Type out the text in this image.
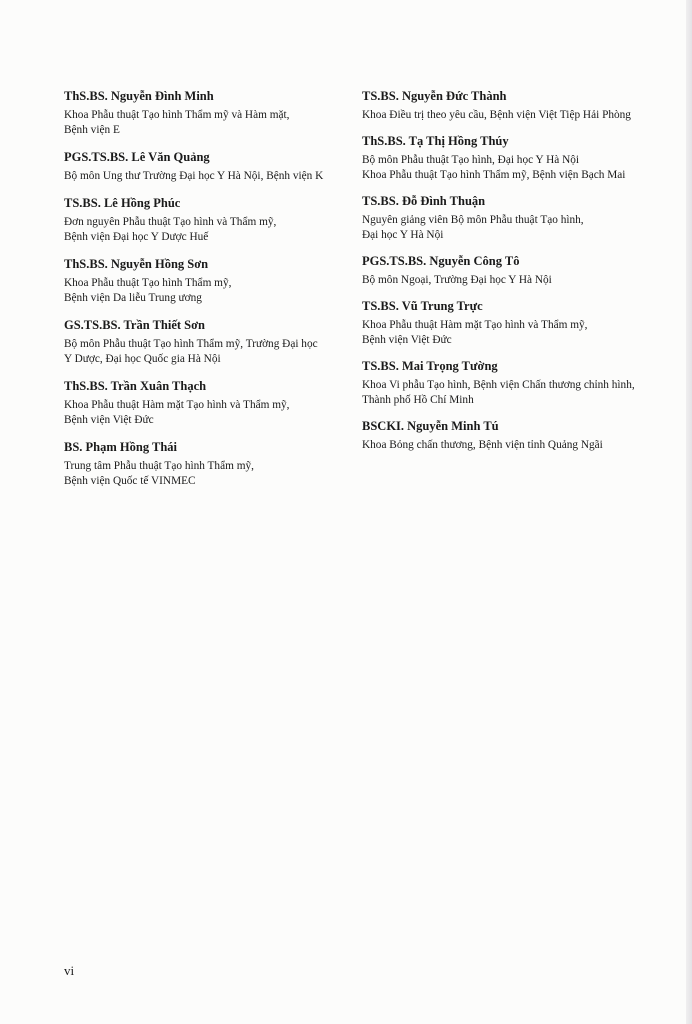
ThS.BS. Nguyễn Đình Minh
Khoa Phẫu thuật Tạo hình Thẩm mỹ và Hàm mặt,
Bệnh viện E
PGS.TS.BS. Lê Văn Quảng
Bộ môn Ung thư Trường Đại học Y Hà Nội, Bệnh viện K
TS.BS. Lê Hồng Phúc
Đơn nguyên Phẫu thuật Tạo hình và Thẩm mỹ,
Bệnh viện Đại học Y Dược Huế
ThS.BS. Nguyễn Hồng Sơn
Khoa Phẫu thuật Tạo hình Thẩm mỹ,
Bệnh viện Da liễu Trung ương
GS.TS.BS. Trần Thiết Sơn
Bộ môn Phẫu thuật Tạo hình Thẩm mỹ, Trường Đại học
Y Dược, Đại học Quốc gia Hà Nội
ThS.BS. Trần Xuân Thạch
Khoa Phẫu thuật Hàm mặt Tạo hình và Thẩm mỹ,
Bệnh viện Việt Đức
BS. Phạm Hồng Thái
Trung tâm Phẫu thuật Tạo hình Thẩm mỹ,
Bệnh viện Quốc tế VINMEC
TS.BS. Nguyễn Đức Thành
Khoa Điều trị theo yêu cầu, Bệnh viện Việt Tiệp Hải Phòng
ThS.BS. Tạ Thị Hồng Thúy
Bộ môn Phẫu thuật Tạo hình, Đại học Y Hà Nội
Khoa Phẫu thuật Tạo hình Thẩm mỹ, Bệnh viện Bạch Mai
TS.BS. Đỗ Đình Thuận
Nguyên giảng viên Bộ môn Phẫu thuật Tạo hình,
Đại học Y Hà Nội
PGS.TS.BS. Nguyễn Công Tô
Bộ môn Ngoại, Trường Đại học Y Hà Nội
TS.BS. Vũ Trung Trực
Khoa Phẫu thuật Hàm mặt Tạo hình và Thẩm mỹ,
Bệnh viện Việt Đức
TS.BS. Mai Trọng Tường
Khoa Vi phẫu Tạo hình, Bệnh viện Chấn thương chỉnh hình,
Thành phố Hồ Chí Minh
BSCKI. Nguyễn Minh Tú
Khoa Bỏng chấn thương, Bệnh viện tỉnh Quảng Ngãi
vi
